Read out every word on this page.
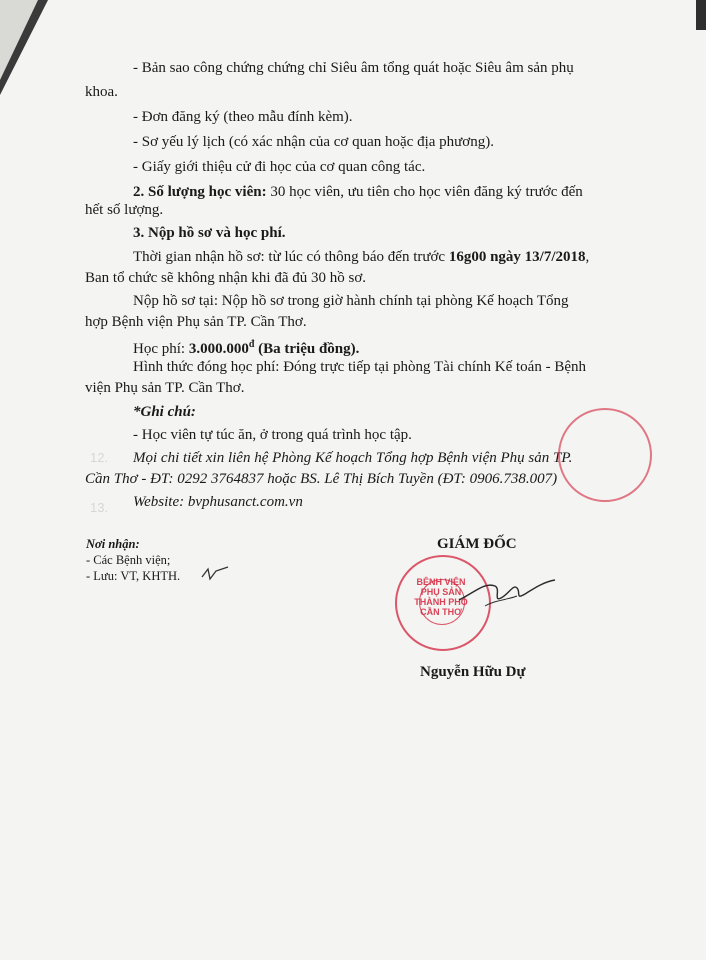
- Bản sao công chứng chứng chỉ Siêu âm tổng quát hoặc Siêu âm sản phụ
khoa.
- Đơn đăng ký (theo mẫu đính kèm).
- Sơ yếu lý lịch (có xác nhận của cơ quan hoặc địa phương).
- Giấy giới thiệu cử đi học của cơ quan công tác.
2. Số lượng học viên: 30 học viên, ưu tiên cho học viên đăng ký trước đến
hết số lượng.
3. Nộp hồ sơ và học phí.
Thời gian nhận hồ sơ: từ lúc có thông báo đến trước 16g00 ngày 13/7/2018,
Ban tổ chức sẽ không nhận khi đã đủ 30 hồ sơ.
Nộp hồ sơ tại: Nộp hồ sơ trong giờ hành chính tại phòng Kế hoạch Tổng
hợp Bệnh viện Phụ sản TP. Cần Thơ.
Học phí: $3.000.000^đ$ (Ba triệu đồng).
Hình thức đóng học phí: Đóng trực tiếp tại phòng Tài chính Kế toán - Bệnh
viện Phụ sản TP. Cần Thơ.
*Ghi chú:
- Học viên tự túc ăn, ở trong quá trình học tập.
Mọi chi tiết xin liên hệ Phòng Kế hoạch Tổng hợp Bệnh viện Phụ sản TP.
Cần Thơ - ĐT: 0292 3764837 hoặc BS. Lê Thị Bích Tuyền (ĐT: 0906.738.007)
Website: bvphusanct.com.vn
12.
13.
Nơi nhận:
- Các Bệnh viện;
- Lưu: VT, KHTH.
GIÁM ĐỐC
BỆNH VIỆN
PHỤ SẢN
THÀNH PHỐ
CẦN THƠ
Nguyễn Hữu Dự
